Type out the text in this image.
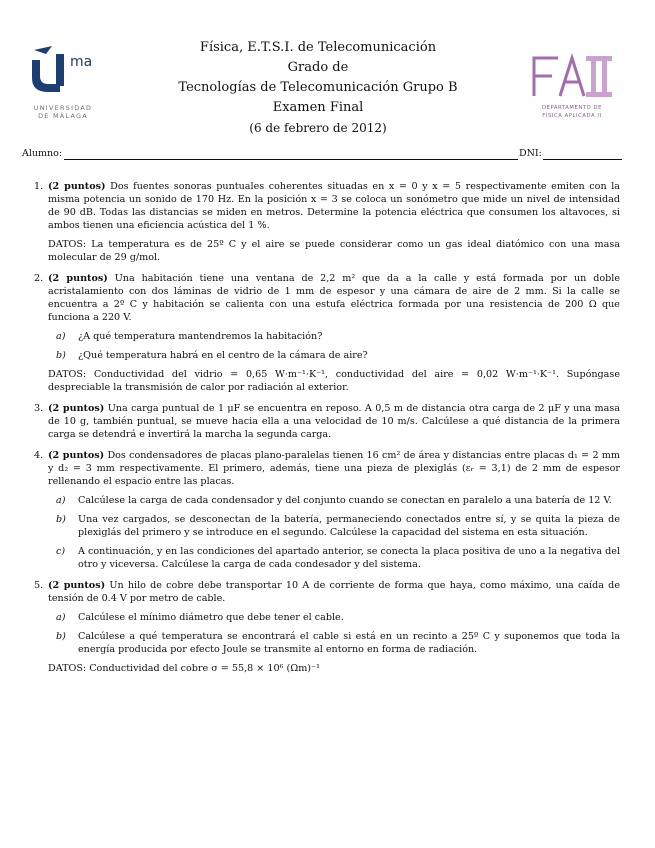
ma
UNIVERSIDAD
DE MÁLAGA
Física, E.T.S.I. de Telecomunicación
Grado de
Tecnologías de Telecomunicación Grupo B
Examen Final
(6 de febrero de 2012)
DEPARTAMENTO DE
FÍSICA APLICADA II
Alumno:	DNI:
1. (2 puntos) Dos fuentes sonoras puntuales coherentes situadas en x = 0 y x = 5 respectivamente emiten con la misma potencia un sonido de 170 Hz. En la posición x = 3 se coloca un sonómetro que mide un nivel de intensidad de 90 dB. Todas las distancias se miden en metros. Determine la potencia eléctrica que consumen los altavoces, si ambos tienen una eficiencia acústica del 1 %.

DATOS: La temperatura es de 25º C y el aire se puede considerar como un gas ideal diatómico con una masa molecular de 29 g/mol.

2. (2 puntos) Una habitación tiene una ventana de 2,2 m² que da a la calle y está formada por un doble acristalamiento con dos láminas de vidrio de 1 mm de espesor y una cámara de aire de 2 mm. Si la calle se encuentra a 2º C y habitación se calienta con una estufa eléctrica formada por una resistencia de 200 Ω que funciona a 220 V.

a) ¿A qué temperatura mantendremos la habitación?
b) ¿Qué temperatura habrá en el centro de la cámara de aire?

DATOS: Conductividad del vidrio = 0,65 W·m⁻¹·K⁻¹, conductividad del aire = 0,02 W·m⁻¹·K⁻¹. Supóngase despreciable la transmisión de calor por radiación al exterior.

3. (2 puntos) Una carga puntual de 1 μF se encuentra en reposo. A 0,5 m de distancia otra carga de 2 μF y una masa de 10 g, también puntual, se mueve hacia ella a una velocidad de 10 m/s. Calcúlese a qué distancia de la primera carga se detendrá e invertirá la marcha la segunda carga.

4. (2 puntos) Dos condensadores de placas plano-paralelas tienen 16 cm² de área y distancias entre placas d₁ = 2 mm y d₂ = 3 mm respectivamente. El primero, además, tiene una pieza de plexiglás (εᵣ = 3,1) de 2 mm de espesor rellenando el espacio entre las placas.

a) Calcúlese la carga de cada condensador y del conjunto cuando se conectan en paralelo a una batería de 12 V.
b) Una vez cargados, se desconectan de la batería, permaneciendo conectados entre sí, y se quita la pieza de plexiglás del primero y se introduce en el segundo. Calcúlese la capacidad del sistema en esta situación.
c) A continuación, y en las condiciones del apartado anterior, se conecta la placa positiva de uno a la negativa del otro y viceversa. Calcúlese la carga de cada condesador y del sistema.
5. (2 puntos) Un hilo de cobre debe transportar 10 A de corriente de forma que haya, como máximo, una caída de tensión de 0.4 V por metro de cable.

a) Calcúlese el mínimo diámetro que debe tener el cable.
b) Calcúlese a qué temperatura se encontrará el cable si está en un recinto a 25º C y suponemos que toda la energía producida por efecto Joule se transmite al entorno en forma de radiación.

DATOS: Conductividad del cobre σ = 55,8 × 10⁶ (Ωm)⁻¹
